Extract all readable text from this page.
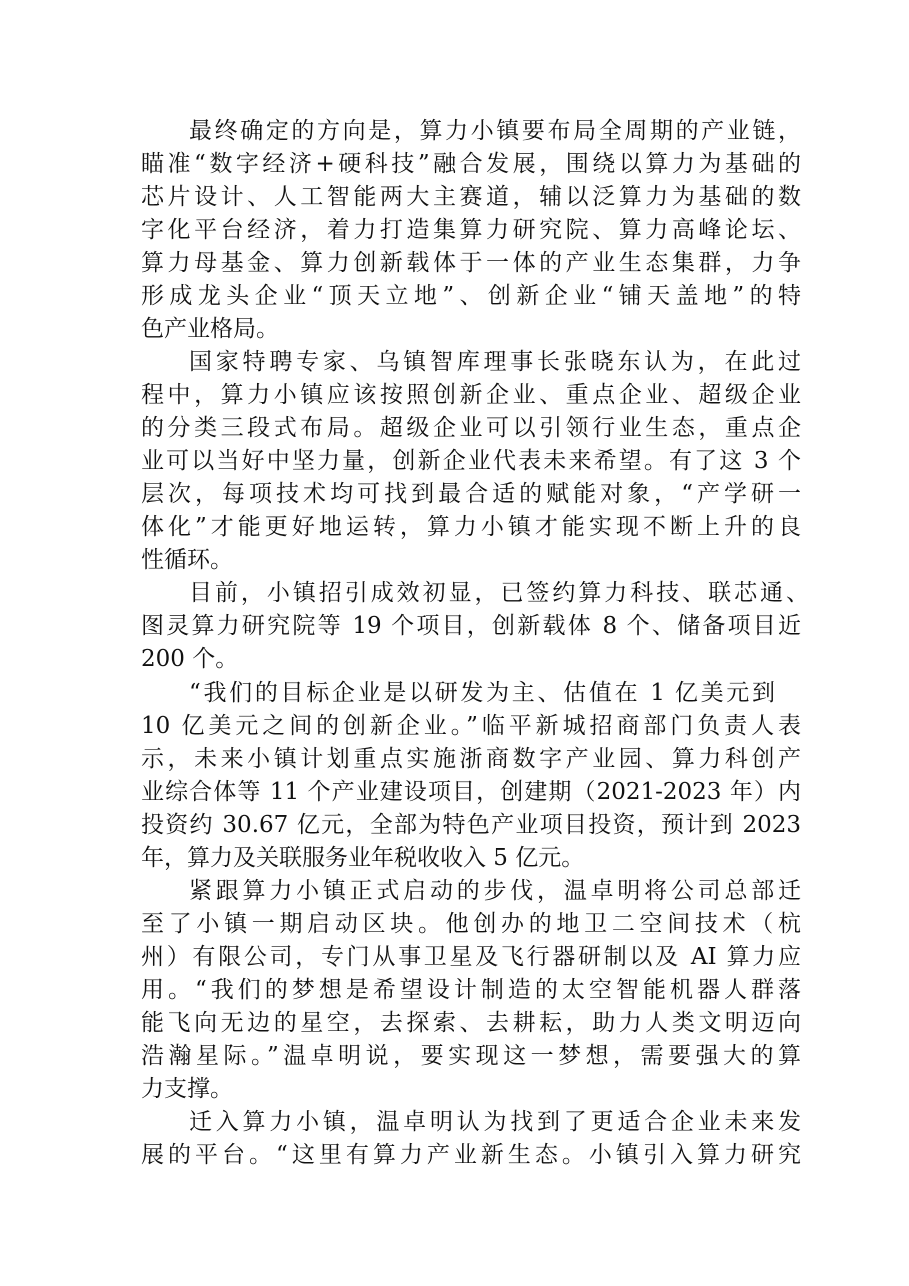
最终确定的方向是，算力小镇要布局全周期的产业链，
瞄准“数字经济+硬科技”融合发展，围绕以算力为基础的
芯片设计、人工智能两大主赛道，辅以泛算力为基础的数
字化平台经济，着力打造集算力研究院、算力高峰论坛、
算力母基金、算力创新载体于一体的产业生态集群，力争
形成龙头企业“顶天立地”、创新企业“铺天盖地”的特
色产业格局。
国家特聘专家、乌镇智库理事长张晓东认为，在此过
程中，算力小镇应该按照创新企业、重点企业、超级企业
的分类三段式布局。超级企业可以引领行业生态，重点企
业可以当好中坚力量，创新企业代表未来希望。有了这 3 个
层次，每项技术均可找到最合适的赋能对象，“产学研一
体化”才能更好地运转，算力小镇才能实现不断上升的良
性循环。
目前，小镇招引成效初显，已签约算力科技、联芯通、
图灵算力研究院等 19 个项目，创新载体 8 个、储备项目近
200 个。
“我们的目标企业是以研发为主、估值在 1 亿美元到
10 亿美元之间的创新企业。”临平新城招商部门负责人表
示，未来小镇计划重点实施浙商数字产业园、算力科创产
业综合体等 11 个产业建设项目，创建期（2021-2023 年）内
投资约 30.67 亿元，全部为特色产业项目投资，预计到 2023
年，算力及关联服务业年税收收入 5 亿元。
紧跟算力小镇正式启动的步伐，温卓明将公司总部迁
至了小镇一期启动区块。他创办的地卫二空间技术（杭
州）有限公司，专门从事卫星及飞行器研制以及 AI 算力应
用。“我们的梦想是希望设计制造的太空智能机器人群落
能飞向无边的星空，去探索、去耕耘，助力人类文明迈向
浩瀚星际。”温卓明说，要实现这一梦想，需要强大的算
力支撑。
迁入算力小镇，温卓明认为找到了更适合企业未来发
展的平台。“这里有算力产业新生态。小镇引入算力研究
